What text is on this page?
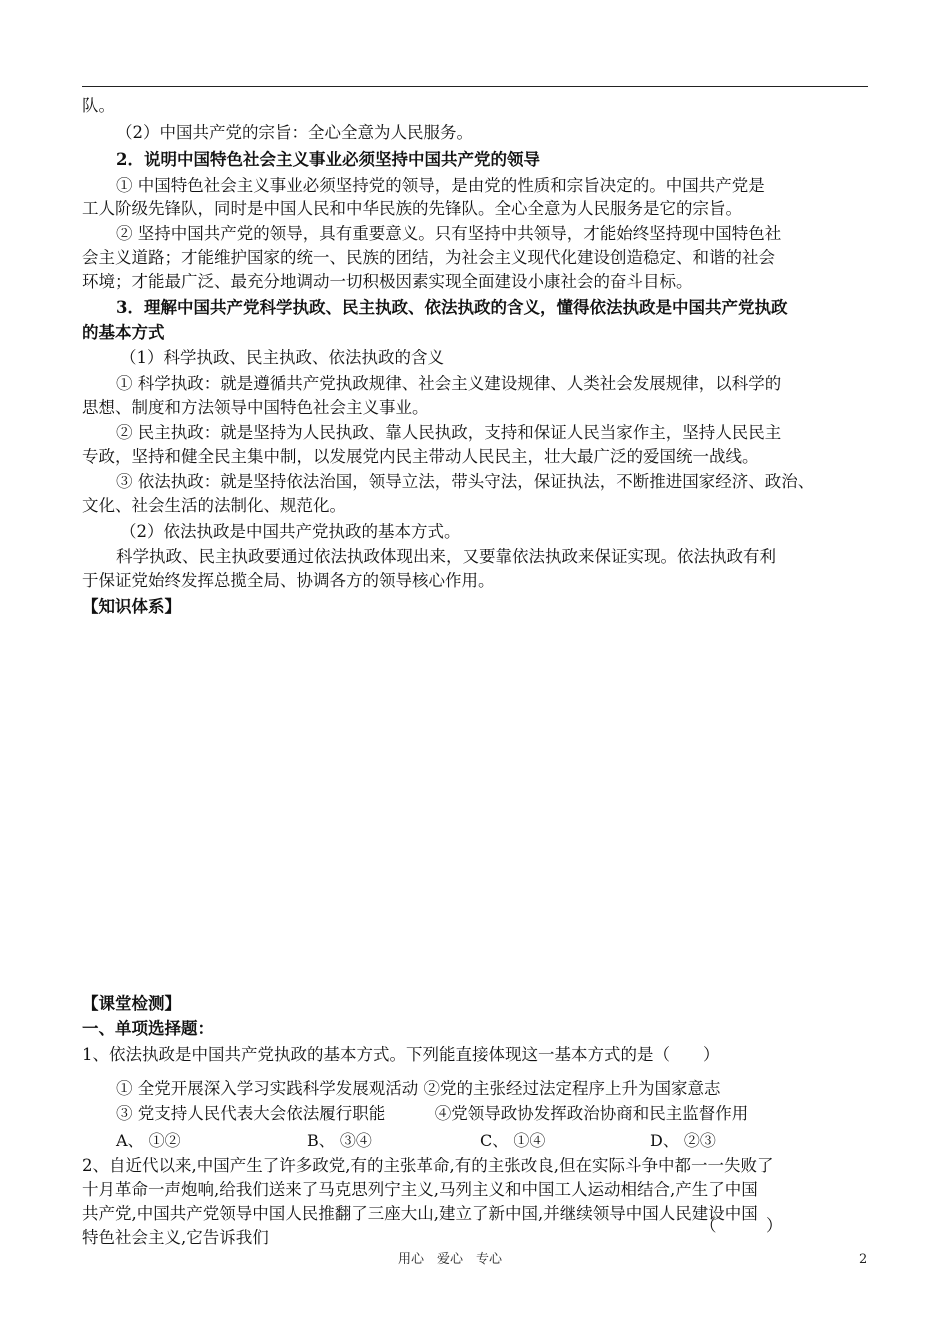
队。
（2）中国共产党的宗旨：全心全意为人民服务。
2．说明中国特色社会主义事业必须坚持中国共产党的领导
① 中国特色社会主义事业必须坚持党的领导，是由党的性质和宗旨决定的。中国共产党是
工人阶级先锋队，同时是中国人民和中华民族的先锋队。全心全意为人民服务是它的宗旨。
② 坚持中国共产党的领导，具有重要意义。只有坚持中共领导，才能始终坚持现中国特色社
会主义道路；才能维护国家的统一、民族的团结，为社会主义现代化建设创造稳定、和谐的社会
环境；才能最广泛、最充分地调动一切积极因素实现全面建设小康社会的奋斗目标。
3．理解中国共产党科学执政、民主执政、依法执政的含义，懂得依法执政是中国共产党执政
的基本方式
（1）科学执政、民主执政、依法执政的含义
① 科学执政：就是遵循共产党执政规律、社会主义建设规律、人类社会发展规律，以科学的
思想、制度和方法领导中国特色社会主义事业。
② 民主执政：就是坚持为人民执政、靠人民执政，支持和保证人民当家作主，坚持人民民主
专政，坚持和健全民主集中制，以发展党内民主带动人民民主，壮大最广泛的爱国统一战线。
③ 依法执政：就是坚持依法治国，领导立法，带头守法，保证执法，不断推进国家经济、政治、
文化、社会生活的法制化、规范化。
（2）依法执政是中国共产党执政的基本方式。
科学执政、民主执政要通过依法执政体现出来，又要靠依法执政来保证实现。依法执政有利
于保证党始终发挥总揽全局、协调各方的领导核心作用。
【知识体系】
【课堂检测】
一、单项选择题：
1、依法执政是中国共产党执政的基本方式。下列能直接体现这一基本方式的是（　　）
① 全党开展深入学习实践科学发展观活动 ②党的主张经过法定程序上升为国家意志
③ 党支持人民代表大会依法履行职能　　　④党领导政协发挥政治协商和民主监督作用
A、 ①②	B、 ③④	C、 ①④	D、 ②③
2、自近代以来,中国产生了许多政党,有的主张革命,有的主张改良,但在实际斗争中都一一失败了
十月革命一声炮响,给我们送来了马克思列宁主义,马列主义和中国工人运动相结合,产生了中国
共产党,中国共产党领导中国人民推翻了三座大山,建立了新中国,并继续领导中国人民建设中国
特色社会主义,它告诉我们
（　　　）
用心　爱心　专心	2
